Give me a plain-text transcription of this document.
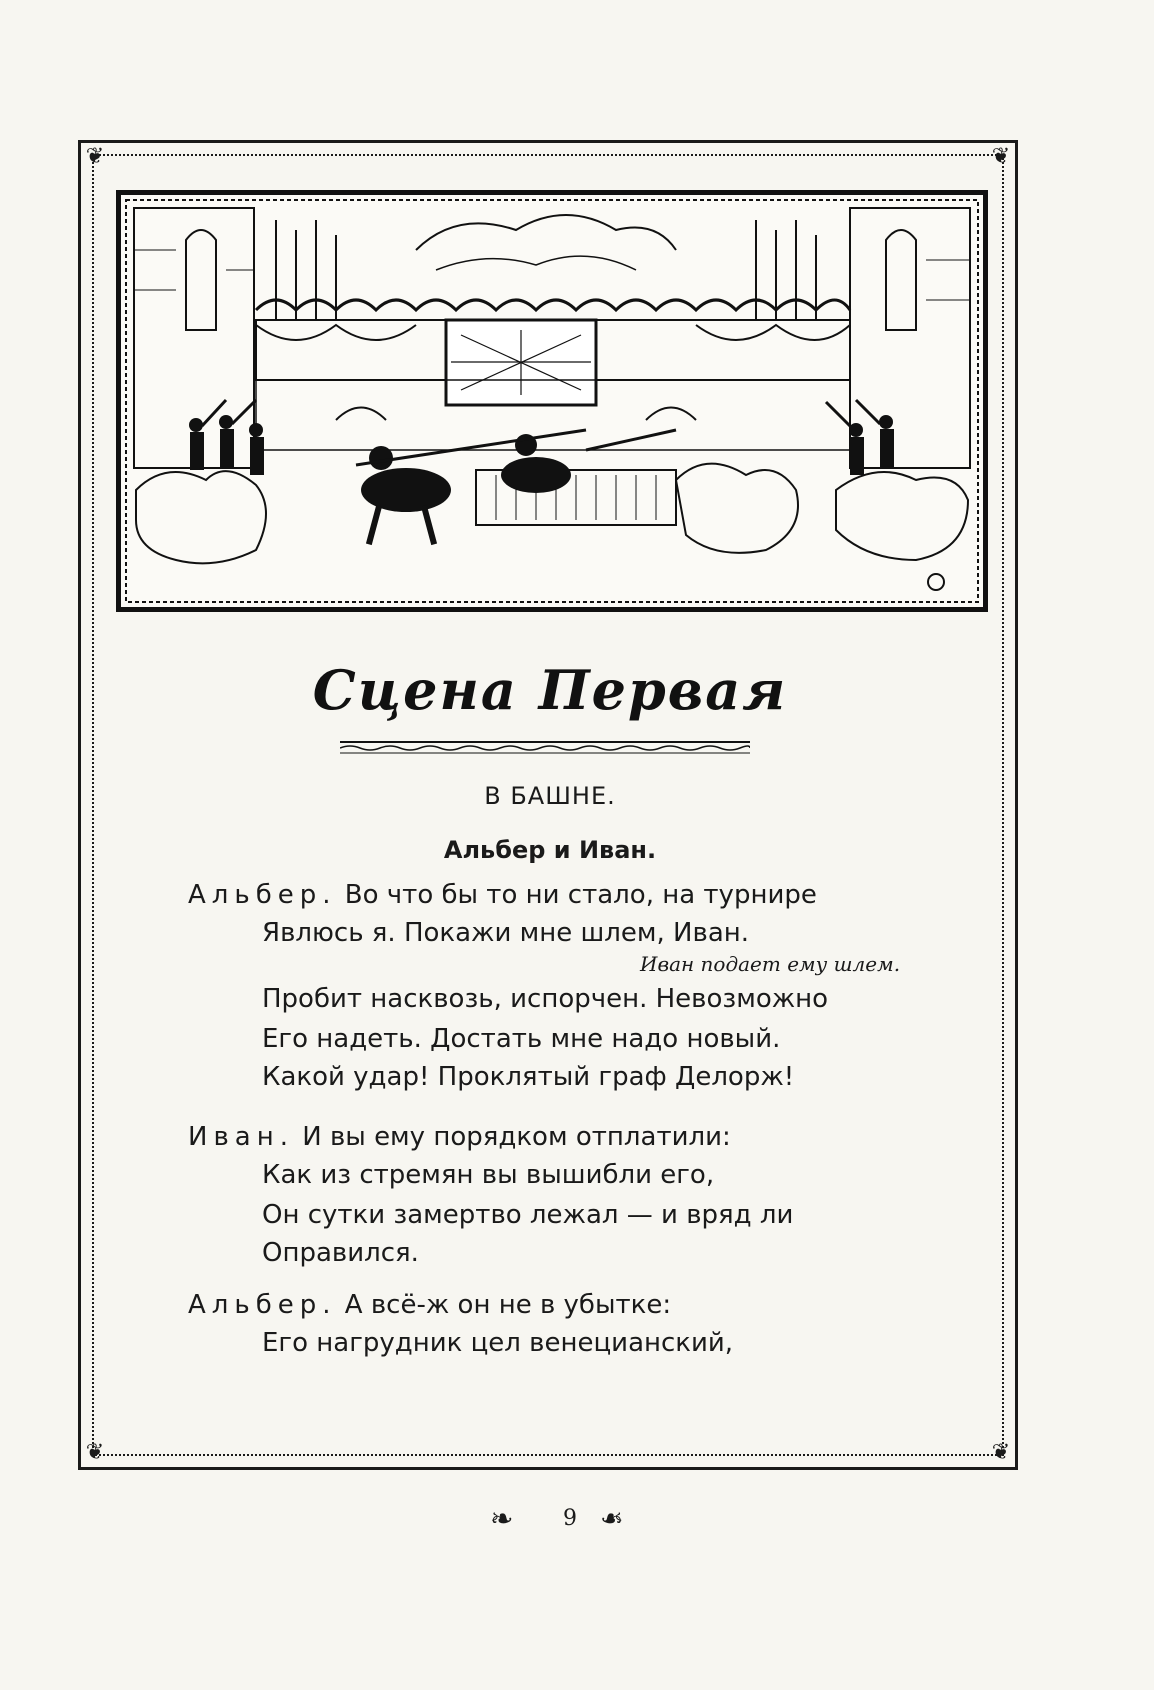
❦	❦
❦	❦
Сцена Первая
В БАШНЕ.
Альбер и Иван.
Альбер. Во что бы то ни стало, на турнире
Явлюсь я. Покажи мне шлем, Иван.
Иван подает ему шлем.
Пробит насквозь, испорчен. Невозможно
Его надеть. Достать мне надо новый.
Какой удар! Проклятый граф Делорж!
Иван. И вы ему порядком отплатили:
Как из стремян вы вышибли его,
Он сутки замертво лежал — и вряд ли
Оправился.
Альбер. А всё-ж он не в убытке:
Его нагрудник цел венецианский,
❧	9 ❧
